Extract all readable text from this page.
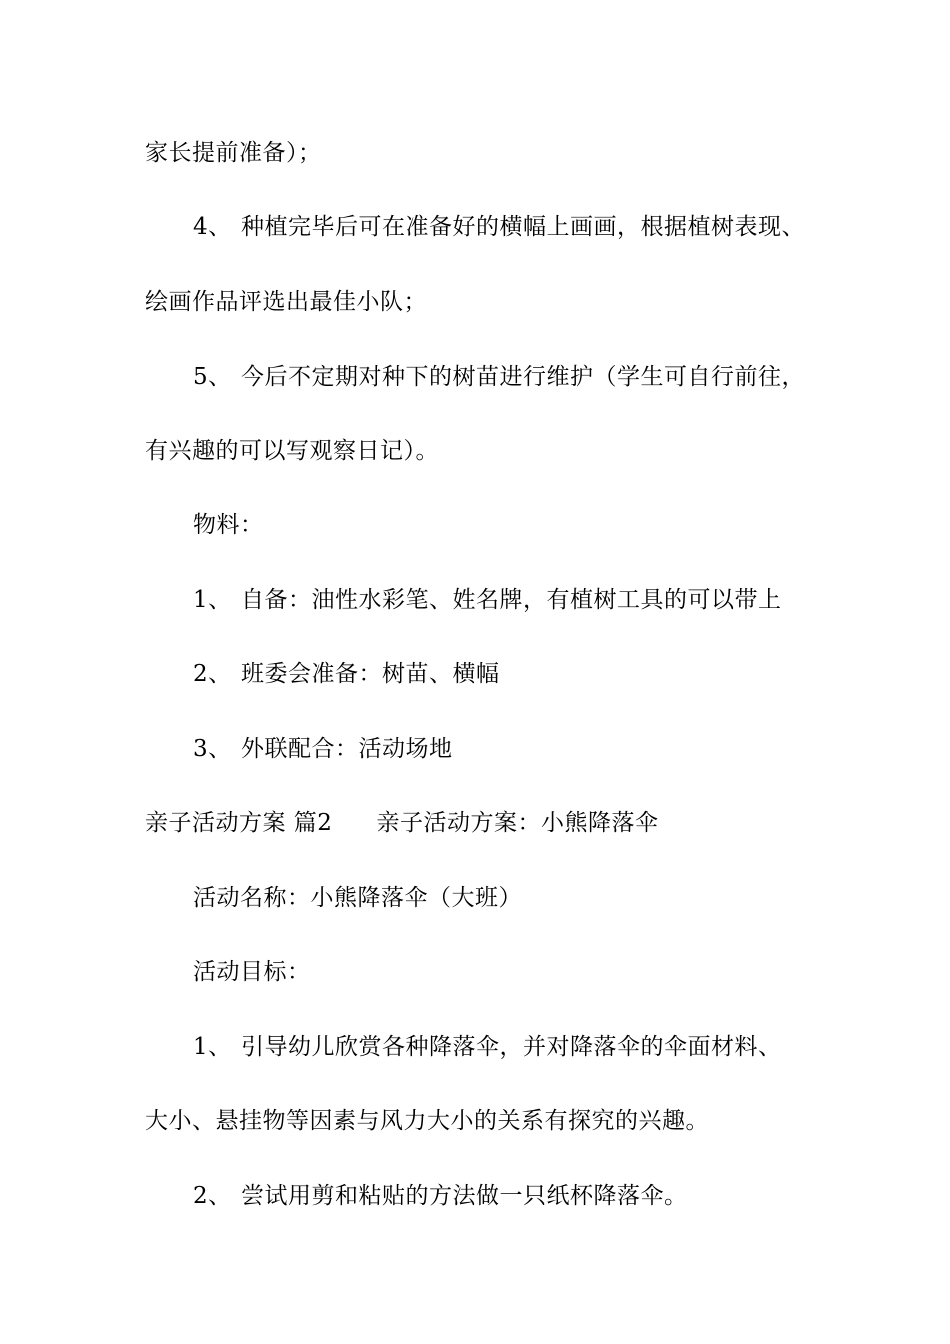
家长提前准备）；
4、 种植完毕后可在准备好的横幅上画画，根据植树表现、
绘画作品评选出最佳小队；
5、 今后不定期对种下的树苗进行维护（学生可自行前往，
有兴趣的可以写观察日记）。
物料：
1、 自备：油性水彩笔、姓名牌，有植树工具的可以带上
2、 班委会准备：树苗、横幅
3、 外联配合：活动场地
亲子活动方案 篇2 亲子活动方案：小熊降落伞
活动名称：小熊降落伞（大班）
活动目标：
1、 引导幼儿欣赏各种降落伞，并对降落伞的伞面材料、
大小、悬挂物等因素与风力大小的关系有探究的兴趣。
2、 尝试用剪和粘贴的方法做一只纸杯降落伞。
